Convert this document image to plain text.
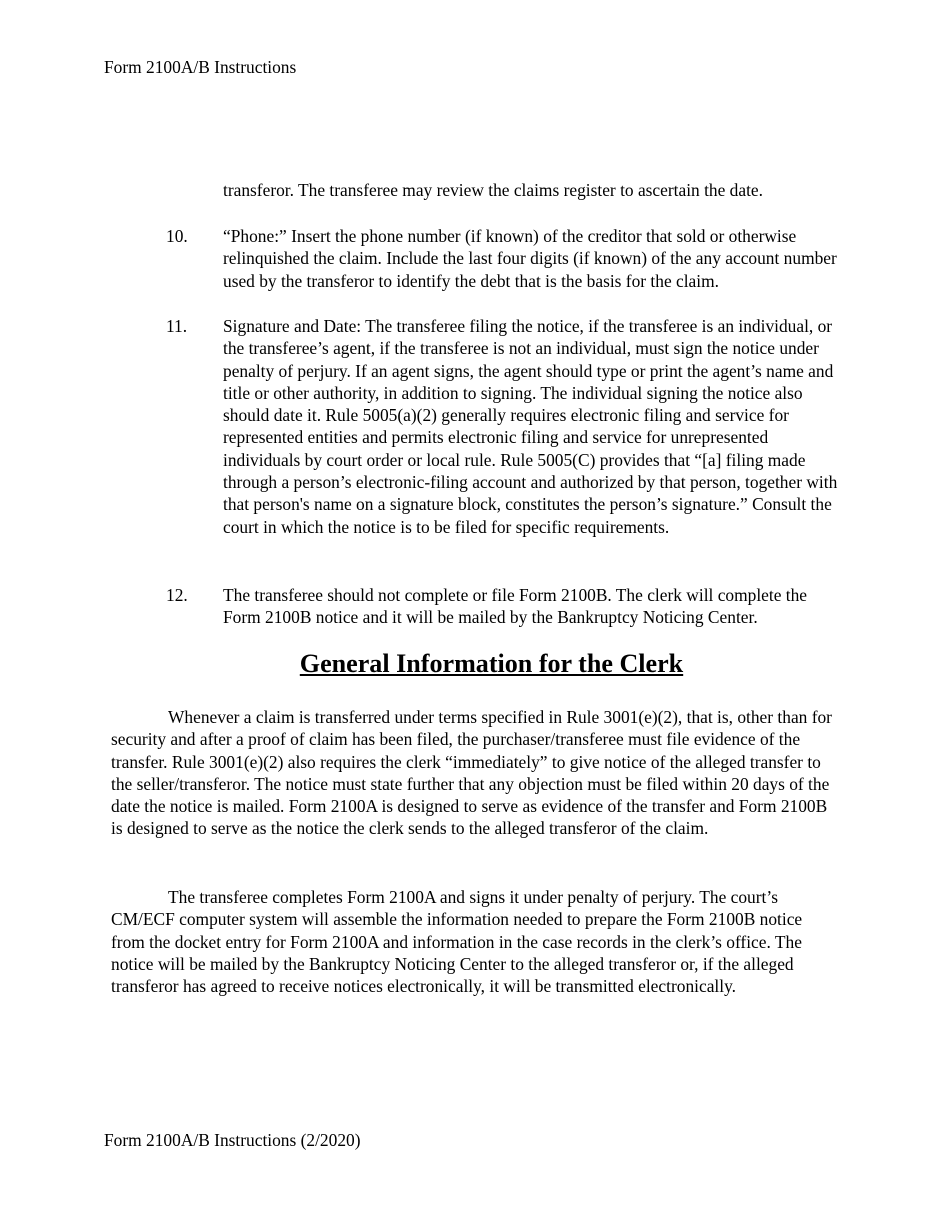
Form 2100A/B Instructions

transferor. The transferee may review the claims register to ascertain the date.

10. “Phone:” Insert the phone number (if known) of the creditor that sold or otherwise relinquished the claim. Include the last four digits (if known) of the any account number used by the transferor to identify the debt that is the basis for the claim.
11. Signature and Date: The transferee filing the notice, if the transferee is an individual, or the transferee’s agent, if the transferee is not an individual, must sign the notice under penalty of perjury. If an agent signs, the agent should type or print the agent’s name and title or other authority, in addition to signing. The individual signing the notice also should date it. Rule 5005(a)(2) generally requires electronic filing and service for represented entities and permits electronic filing and service for unrepresented individuals by court order or local rule. Rule 5005(C) provides that “[a] filing made through a person’s electronic-filing account and authorized by that person, together with that person's name on a signature block, constitutes the person’s signature.” Consult the court in which the notice is to be filed for specific requirements.
12. The transferee should not complete or file Form 2100B. The clerk will complete the Form 2100B notice and it will be mailed by the Bankruptcy Noticing Center.
General Information for the Clerk

Whenever a claim is transferred under terms specified in Rule 3001(e)(2), that is, other than for security and after a proof of claim has been filed, the purchaser/transferee must file evidence of the transfer. Rule 3001(e)(2) also requires the clerk “immediately” to give notice of the alleged transfer to the seller/transferor. The notice must state further that any objection must be filed within 20 days of the date the notice is mailed. Form 2100A is designed to serve as evidence of the transfer and Form 2100B is designed to serve as the notice the clerk sends to the alleged transferor of the claim.

The transferee completes Form 2100A and signs it under penalty of perjury. The court’s CM/ECF computer system will assemble the information needed to prepare the Form 2100B notice from the docket entry for Form 2100A and information in the case records in the clerk’s office. The notice will be mailed by the Bankruptcy Noticing Center to the alleged transferor or, if the alleged transferor has agreed to receive notices electronically, it will be transmitted electronically.

Form 2100A/B Instructions (2/2020)
